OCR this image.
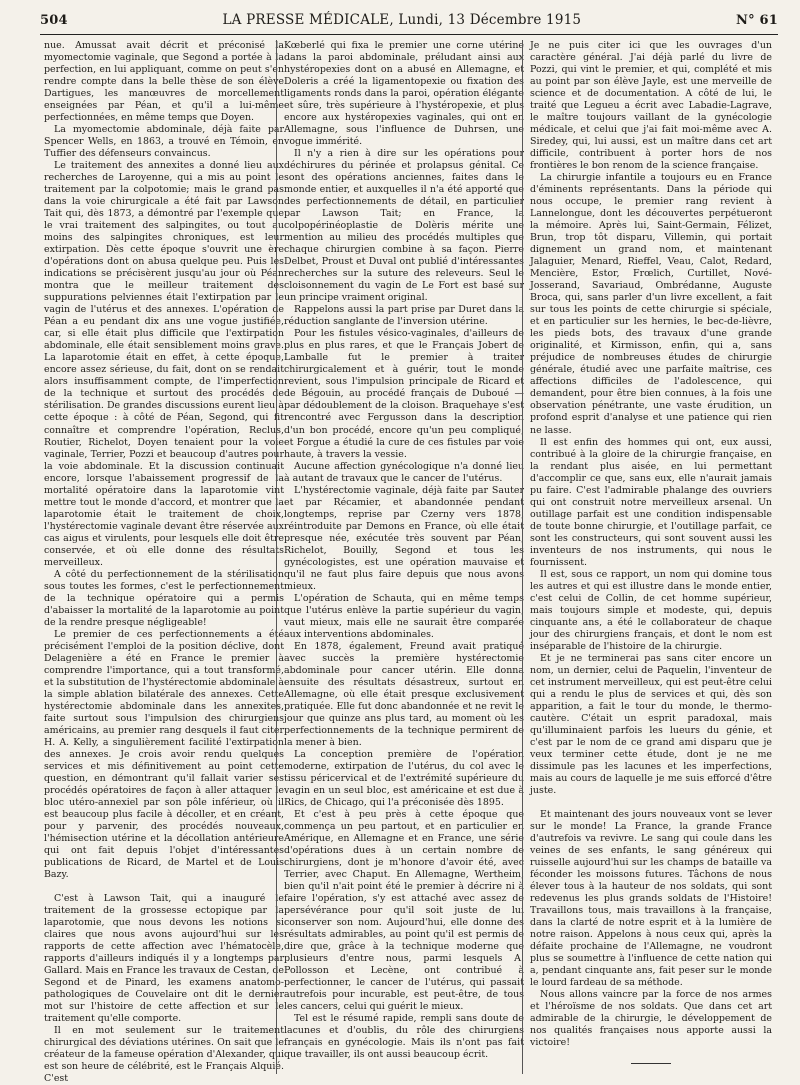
504	LA PRESSE MÉDICALE, Lundi, 13 Décembre 1915	N° 61

nue. Amussat avait décrit et préconisé la myomectomie vaginale, que Segond a portée à la perfection, en lui appliquant, comme on peut s'en rendre compte dans la belle thèse de son élève Dartigues, les manœuvres de morcellement enseignées par Péan, et qu'il a lui-même perfectionnées, en même temps que Doyen.

La myomectomie abdominale, déjà faite par Spencer Wells, en 1863, a trouvé en Témoin, en Tuffier des défenseurs convaincus.

Le traitement des annexites a donné lieu aux recherches de Laroyenne, qui a mis au point le traitement par la colpotomie; mais le grand pas dans la voie chirurgicale a été fait par Lawson Tait qui, dès 1873, a démontré par l'exemple que le vrai traitement des salpingites, ou tout au moins des salpingites chroniques, est leur extirpation. Dès cette époque s'ouvrit une ère d'opérations dont on abusa quelque peu. Puis les indications se précisèrent jusqu'au jour où Péan montra que le meilleur traitement des suppurations pelviennes était l'extirpation par le vagin de l'utérus et des annexes. L'opération de Péan a eu pendant dix ans une vogue justifiée, car, si elle était plus difficile que l'extirpation abdominale, elle était sensiblement moins grave. La laparotomie était en effet, à cette époque, encore assez sérieuse, du fait, dont on se rendait alors insuffisamment compte, de l'imperfection de la technique et surtout des procédés de stérilisation. De grandes discussions eurent lieu à cette époque : à côté de Péan, Segond, qui fit connaître et comprendre l'opération, Reclus, Routier, Richelot, Doyen tenaient pour la voie vaginale, Terrier, Pozzi et beaucoup d'autres pour la voie abdominale. Et la discussion continuait encore, lorsque l'abaissement progressif de la mortalité opératoire dans la laparotomie vint mettre tout le monde d'accord, et montrer que la laparotomie était le traitement de choix, l'hystérectomie vaginale devant être réservée aux cas aigus et virulents, pour lesquels elle doit être conservée, et où elle donne des résultats merveilleux.

A côté du perfectionnement de la stérilisation sous toutes les formes, c'est le perfectionnement de la technique opératoire qui a permis d'abaisser la mortalité de la laparotomie au point de la rendre presque négligeable!

Le premier de ces perfectionnements a été précisément l'emploi de la position déclive, dont Delagenière a été en France le premier à comprendre l'importance, qui a tout transformé, et la substitution de l'hystérectomie abdominale à la simple ablation bilatérale des annexes. Cette hystérectomie abdominale dans les annexites, faite surtout sous l'impulsion des chirurgiens américains, au premier rang desquels il faut citer H. A. Kelly, a singulièrement facilité l'extirpation des annexes. Je crois avoir rendu quelques services et mis définitivement au point cette question, en démontrant qu'il fallait varier ses procédés opératoires de façon à aller attaquer le bloc utéro-annexiel par son pôle inférieur, où il est beaucoup plus facile à décoller, et en créant, pour y parvenir, des procédés nouveaux, l'hémisection utérine et la décollation antérieure qui ont fait depuis l'objet d'intéressantes publications de Ricard, de Martel et de Louis Bazy.

C'est à Lawson Tait, qui a inauguré le traitement de la grossesse ectopique par la laparotomie, que nous devons les notions si claires que nous avons aujourd'hui sur les rapports de cette affection avec l'hématocèle, rapports d'ailleurs indiqués il y a longtemps par Gallard. Mais en France les travaux de Cestan, de Segond et de Pinard, les examens anatomo-pathologiques de Couvelaire ont dit le dernier mot sur l'histoire de cette affection et sur le traitement qu'elle comporte.

Il en mot seulement sur le traitement chirurgical des déviations utérines. On sait que le créateur de la fameuse opération d'Alexander, qui est son heure de célébrité, est le Français Alquié. C'est

Kœberlé qui fixa le premier une corne utérine dans la paroi abdominale, préludant ainsi aux hystéropexies dont on a abusé en Allemagne, et Doleris a créé la ligamentopexie ou fixation des ligaments ronds dans la paroi, opération élégante et sûre, très supérieure à l'hystéropexie, et plus encore aux hystéropexies vaginales, qui ont en Allemagne, sous l'influence de Duhrsen, une vogue immérité.

Il n'y a rien à dire sur les opérations pour déchirures du périnée et prolapsus génital. Ce sont des opérations anciennes, faites dans le monde entier, et auxquelles il n'a été apporté que des perfectionnements de détail, en particulier par Lawson Tait; en France, la colpopérinéoplastie de Dolèris mérite une mention au milieu des procédés multiples que chaque chirurgien combine à sa façon. Pierre Delbet, Proust et Duval ont publié d'intéressantes recherches sur la suture des releveurs. Seul le cloisonnement du vagin de Le Fort est basé sur un principe vraiment original.

Rappelons aussi la part prise par Duret dans la réduction sanglante de l'inversion utérine.

Pour les fistules vésico-vaginales, d'ailleurs de plus en plus rares, et que le Français Jobert de Lamballe fut le premier à traiter chirurgicalement et à guérir, tout le monde revient, sous l'impulsion principale de Ricard et de Bégouin, au procédé français de Duboué — par dédoublement de la cloison. Braquehaye s'est rencontré avec Fergusson dans la description d'un bon procédé, encore qu'un peu compliqué, et Forgue a étudié la cure de ces fistules par voie haute, à travers la vessie.

Aucune affection gynécologique n'a donné lieu à autant de travaux que le cancer de l'utérus.

L'hystérectomie vaginale, déjà faite par Sauter et par Récamier, et abandonnée pendant longtemps, reprise par Czerny vers 1878, réintroduite par Demons en France, où elle était presque née, exécutée très souvent par Péan, Richelot, Bouilly, Segond et tous les gynécologistes, est une opération mauvaise et qu'il ne faut plus faire depuis que nous avons mieux.

L'opération de Schauta, qui en même temps que l'utérus enlève la partie supérieur du vagin, vaut mieux, mais elle ne saurait être comparée aux interventions abdominales.

En 1878, également, Freund avait pratiqué avec succès la première hystérectomie abdominale pour cancer utérin. Elle donna ensuite des résultats désastreux, surtout en Allemagne, où elle était presque exclusivement pratiquée. Elle fut donc abandonnée et ne revit le jour que quinze ans plus tard, au moment où les perfectionnements de la technique permirent de la mener à bien.

La conception première de l'opération moderne, extirpation de l'utérus, du col avec le tissu péricervical et de l'extrémité supérieure du vagin en un seul bloc, est américaine et est due à Rics, de Chicago, qui l'a préconisée dès 1895.

Et c'est à peu près à cette époque que commença un peu partout, et en particulier en Amérique, en Allemagne et en France, une série d'opérations dues à un certain nombre de chirurgiens, dont je m'honore d'avoir été, avec Terrier, avec Chaput. En Allemagne, Wertheim, bien qu'il n'ait point été le premier à décrire ni à faire l'opération, s'y est attaché avec assez de persévérance pour qu'il soit juste de lui conserver son nom. Aujourd'hui, elle donne des résultats admirables, au point qu'il est permis de dire que, grâce à la technique moderne que plusieurs d'entre nous, parmi lesquels A. Pollosson et Lecène, ont contribué à perfectionner, le cancer de l'utérus, qui passait autrefois pour incurable, est peut-être, de tous les cancers, celui qui guérit le mieux.

Tel est le résumé rapide, rempli sans doute de lacunes et d'oublis, du rôle des chirurgiens français en gynécologie. Mais ils n'ont pas fait que travailler, ils ont aussi beaucoup écrit.

Je ne puis citer ici que les ouvrages d'un caractère général. J'ai déjà parlé du livre de Pozzi, qui vint le premier, et qui, complété et mis au point par son élève Jayle, est une merveille de science et de documentation. A côté de lui, le traité que Legueu a écrit avec Labadie-Lagrave, le maître toujours vaillant de la gynécologie médicale, et celui que j'ai fait moi-même avec A. Siredey, qui, lui aussi, est un maître dans cet art difficile, contribuent à porter hors de nos frontières le bon renom de la science française.

La chirurgie infantile a toujours eu en France d'éminents représentants. Dans la période qui nous occupe, le premier rang revient à Lannelongue, dont les découvertes perpétueront la mémoire. Après lui, Saint-Germain, Félizet, Brun, trop tôt disparu, Villemin, qui portait dignement un grand nom, et maintenant Jalaguier, Menard, Rieffel, Veau, Calot, Redard, Mencière, Estor, Frœlich, Curtillet, Nové-Josserand, Savariaud, Ombrédanne, Auguste Broca, qui, sans parler d'un livre excellent, a fait sur tous les points de cette chirurgie si spéciale, et en particulier sur les hernies, le bec-de-lièvre, les pieds bots, des travaux d'une grande originalité, et Kirmisson, enfin, qui a, sans préjudice de nombreuses études de chirurgie générale, étudié avec une parfaite maîtrise, ces affections difficiles de l'adolescence, qui demandent, pour être bien connues, à la fois une observation pénétrante, une vaste érudition, un profond esprit d'analyse et une patience qui rien ne lasse.

Il est enfin des hommes qui ont, eux aussi, contribué à la gloire de la chirurgie française, en la rendant plus aisée, en lui permettant d'accomplir ce que, sans eux, elle n'aurait jamais pu faire. C'est l'admirable phalange des ouvriers qui ont construit notre merveilleux arsenal. Un outillage parfait est une condition indispensable de toute bonne chirurgie, et l'outillage parfait, ce sont les constructeurs, qui sont souvent aussi les inventeurs de nos instruments, qui nous le fournissent.

Il est, sous ce rapport, un nom qui domine tous les autres et qui est illustre dans le monde entier, c'est celui de Collin, de cet homme supérieur, mais toujours simple et modeste, qui, depuis cinquante ans, a été le collaborateur de chaque jour des chirurgiens français, et dont le nom est inséparable de l'histoire de la chirurgie.

Et je ne terminerai pas sans citer encore un nom, un dernier, celui de Paquelin, l'inventeur de cet instrument merveilleux, qui est peut-être celui qui a rendu le plus de services et qui, dès son apparition, a fait le tour du monde, le thermo-cautère. C'était un esprit paradoxal, mais qu'illuminaient parfois les lueurs du génie, et c'est par le nom de ce grand ami disparu que je veux terminer cette étude, dont je ne me dissimule pas les lacunes et les imperfections, mais au cours de laquelle je me suis efforcé d'être juste.

Et maintenant des jours nouveaux vont se lever sur le monde! La France, la grande France d'autrefois va revivre. Le sang qui coule dans les veines de ses enfants, le sang généreux qui ruisselle aujourd'hui sur les champs de bataille va féconder les moissons futures. Tâchons de nous élever tous à la hauteur de nos soldats, qui sont redevenus les plus grands soldats de l'Histoire! Travaillons tous, mais travaillons à la française, dans la clarté de notre esprit et à la lumière de notre raison. Appelons à nous ceux qui, après la défaite prochaine de l'Allemagne, ne voudront plus se soumettre à l'influence de cette nation qui a, pendant cinquante ans, fait peser sur le monde le lourd fardeau de sa méthode.

Nous allons vaincre par la force de nos armes et l'héroïsme de nos soldats. Que dans cet art admirable de la chirurgie, le développement de nos qualités françaises nous apporte aussi la victoire!
